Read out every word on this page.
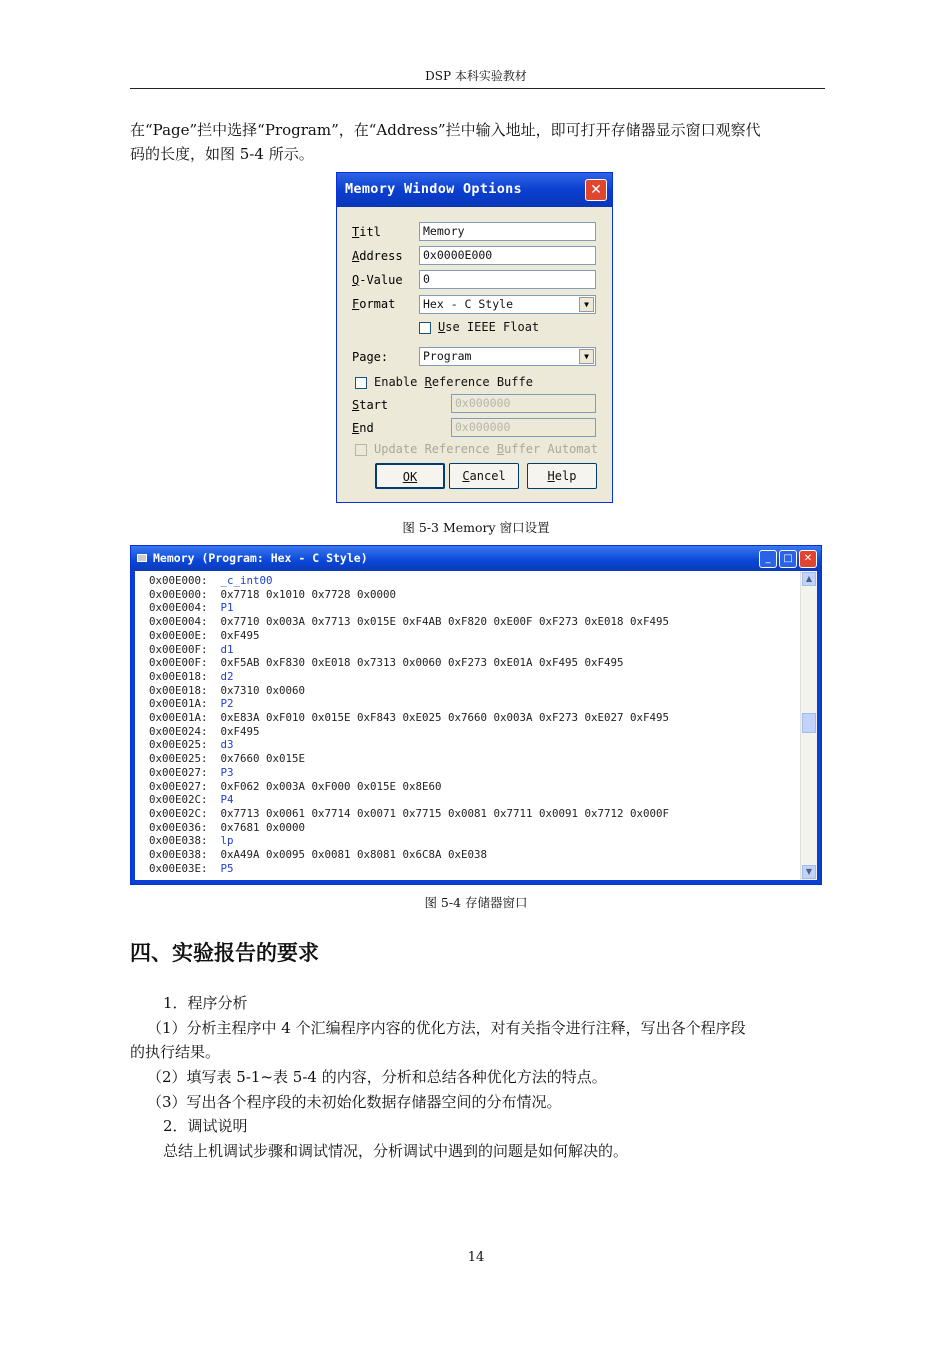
DSP 本科实验教材
在“Page”拦中选择“Program”，在“Address”拦中输入地址，即可打开存储器显示窗口观察代
码的长度，如图 5-4 所示。
Memory Window Options	✕
Titl	Memory
Address	0x0000E000
Q-Value	0
Format	Hex - C Style	▼
Use IEEE Float
Page:	Program	▼
Enable Reference Buffe
Start	0x000000
End	0x000000
Update Reference Buffer Automat
OK	Cancel	Help
图 5-3 Memory 窗口设置
Memory (Program: Hex - C Style)	_	□	✕
0x00E000:  _c_int00
0x00E000:  0x7718 0x1010 0x7728 0x0000
0x00E004:  P1
0x00E004:  0x7710 0x003A 0x7713 0x015E 0xF4AB 0xF820 0xE00F 0xF273 0xE018 0xF495
0x00E00E:  0xF495
0x00E00F:  d1
0x00E00F:  0xF5AB 0xF830 0xE018 0x7313 0x0060 0xF273 0xE01A 0xF495 0xF495
0x00E018:  d2
0x00E018:  0x7310 0x0060
0x00E01A:  P2
0x00E01A:  0xE83A 0xF010 0x015E 0xF843 0xE025 0x7660 0x003A 0xF273 0xE027 0xF495
0x00E024:  0xF495
0x00E025:  d3
0x00E025:  0x7660 0x015E
0x00E027:  P3
0x00E027:  0xF062 0x003A 0xF000 0x015E 0x8E60
0x00E02C:  P4
0x00E02C:  0x7713 0x0061 0x7714 0x0071 0x7715 0x0081 0x7711 0x0091 0x7712 0x000F
0x00E036:  0x7681 0x0000
0x00E038:  lp
0x00E038:  0xA49A 0x0095 0x0081 0x8081 0x6C8A 0xE038
0x00E03E:  P5
▲
▼
图 5-4 存储器窗口
四、实验报告的要求
1．程序分析
（1）分析主程序中 4 个汇编程序内容的优化方法，对有关指令进行注释，写出各个程序段
的执行结果。
（2）填写表 5-1~表 5-4 的内容，分析和总结各种优化方法的特点。
（3）写出各个程序段的未初始化数据存储器空间的分布情况。
2．调试说明
总结上机调试步骤和调试情况，分析调试中遇到的问题是如何解决的。
14
